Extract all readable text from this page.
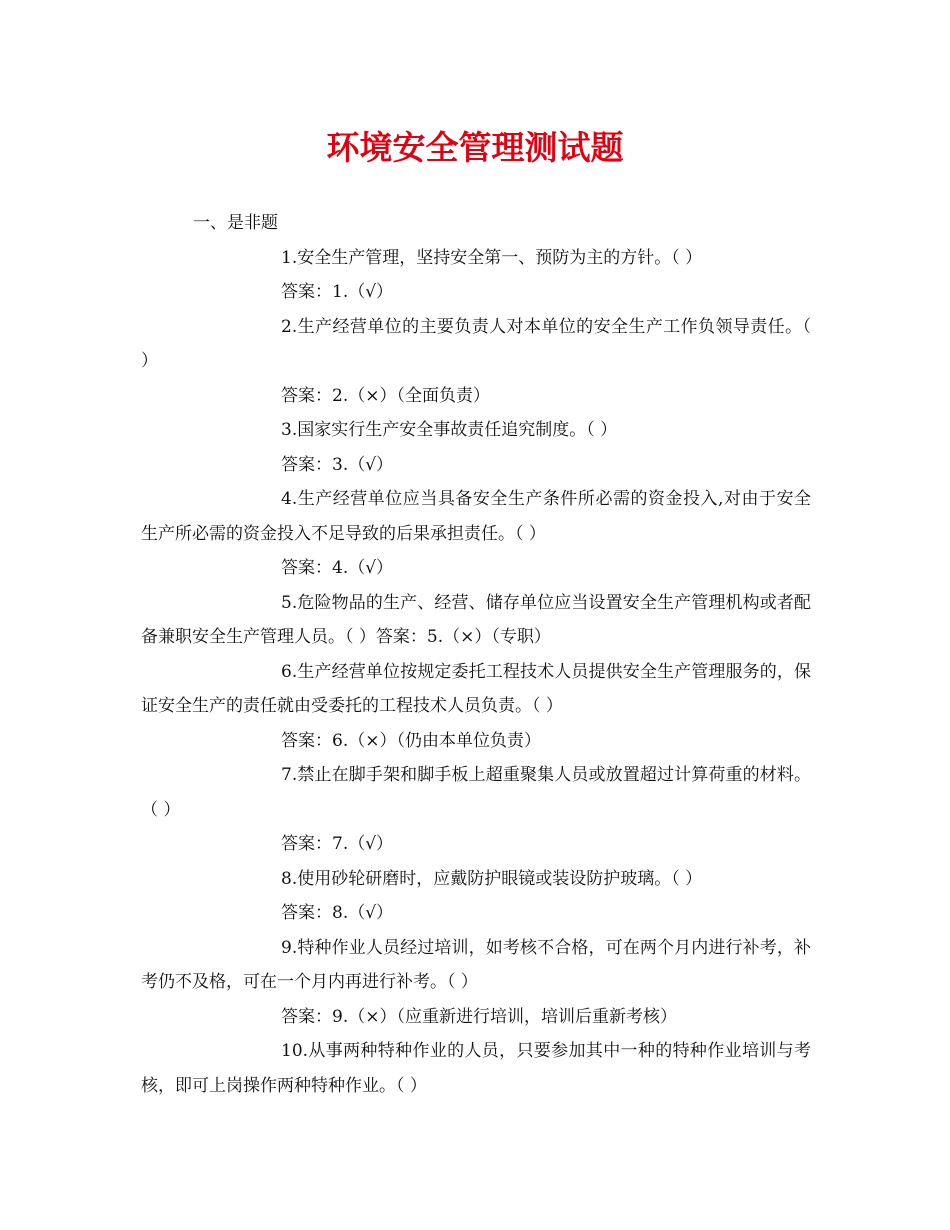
环境安全管理测试题
一、是非题
1.安全生产管理，坚持安全第一、预防为主的方针。（ ）
答案：1.（√）
2.生产经营单位的主要负责人对本单位的安全生产工作负领导责任。（ ）
答案：2.（×）（全面负责）
3.国家实行生产安全事故责任追究制度。（ ）
答案：3.（√）
4.生产经营单位应当具备安全生产条件所必需的资金投入,对由于安全生产所必需的资金投入不足导致的后果承担责任。（ ）
答案：4.（√）
5.危险物品的生产、经营、储存单位应当设置安全生产管理机构或者配备兼职安全生产管理人员。（ ）答案：5.（×）（专职）
6.生产经营单位按规定委托工程技术人员提供安全生产管理服务的，保证安全生产的责任就由受委托的工程技术人员负责。（ ）
答案：6.（×）（仍由本单位负责）
7.禁止在脚手架和脚手板上超重聚集人员或放置超过计算荷重的材料。（ ）
答案：7.（√）
8.使用砂轮研磨时，应戴防护眼镜或装设防护玻璃。（ ）
答案：8.（√）
9.特种作业人员经过培训，如考核不合格，可在两个月内进行补考，补考仍不及格，可在一个月内再进行补考。（ ）
答案：9.（×）（应重新进行培训，培训后重新考核）
10.从事两种特种作业的人员，只要参加其中一种的特种作业培训与考核，即可上岗操作两种特种作业。（ ）
